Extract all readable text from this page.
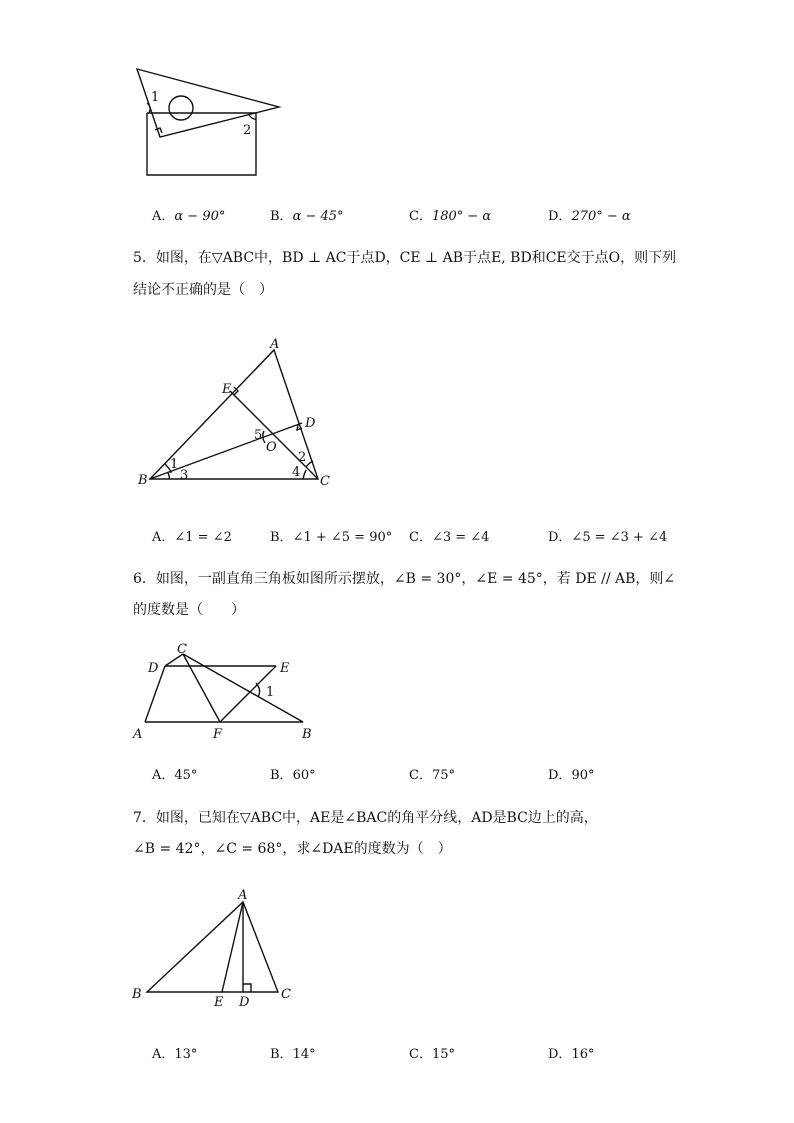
1
2
A．α − 90°	B．α − 45°	C．180° − α	D．270° − α
5．如图，在▽ABC中，BD ⊥ AC于点D，CE ⊥ AB于点E, BD和CE交于点O，则下列
结论不正确的是（　）
A
B	C
D
E
O
1	2
3	4
5
A．∠1 = ∠2	B．∠1 + ∠5 = 90° C．∠3 = ∠4	D．∠5 = ∠3 + ∠4
6．如图，一副直角三角板如图所示摆放，∠B = 30°，∠E = 45°，若 DE // AB，则∠
的度数是（　　）
A	B
C
D	E
F
1
A．45°	B．60°	C．75°	D．90°
7．如图，已知在▽ABC中，AE是∠BAC的角平分线，AD是BC边上的高，
∠B = 42°，∠C = 68°，求∠DAE的度数为（　）
A
B	C
D
E
A．13°	B．14°	C．15°	D．16°
